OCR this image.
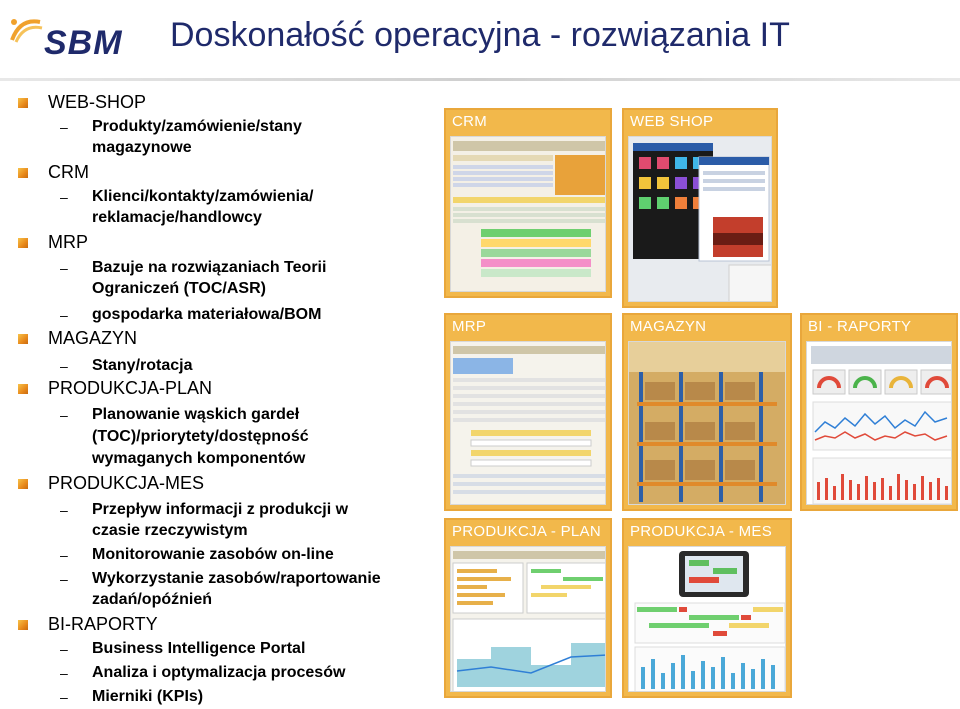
SBM Doskonałość operacyjna - rozwiązania IT
WEB-SHOP
– Produkty/zamówienie/stany
magazynowe
CRM
– Klienci/kontakty/zamówienia/
reklamacje/handlowcy
MRP
– Bazuje na rozwiązaniach Teorii
Ograniczeń (TOC/ASR)
– gospodarka materiałowa/BOM
MAGAZYN
– Stany/rotacja
PRODUKCJA-PLAN
– Planowanie wąskich gardeł
(TOC)/priorytety/dostępność
wymaganych komponentów
PRODUKCJA-MES
– Przepływ informacji z produkcji w
czasie rzeczywistym
– Monitorowanie zasobów on-line
– Wykorzystanie zasobów/raportowanie
zadań/opóźnień
BI-RAPORTY
– Business Intelligence Portal
– Analiza i optymalizacja procesów
– Mierniki (KPIs)
CRM	WEB SHOP
MRP	MAGAZYN	BI - RAPORTY
PRODUKCJA - PLAN PRODUKCJA - MES
